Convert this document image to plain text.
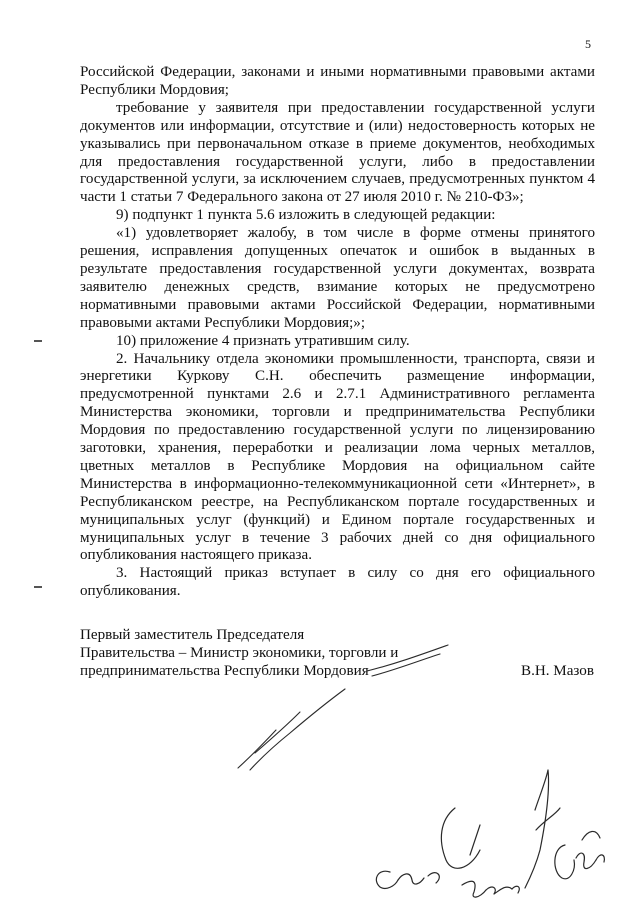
5

Российской Федерации, законами и иными нормативными правовыми актами Республики Мордовия;

требование у заявителя при предоставлении государственной услуги документов или информации, отсутствие и (или) недостоверность которых не указывались при первоначальном отказе в приеме документов, необходимых для предоставления государственной услуги, либо в предоставлении государственной услуги, за исключением случаев, предусмотренных пунктом 4 части 1 статьи 7 Федерального закона от 27 июля 2010 г. № 210-ФЗ»;

9) подпункт 1 пункта 5.6 изложить в следующей редакции:

«1) удовлетворяет жалобу, в том числе в форме отмены принятого решения, исправления допущенных опечаток и ошибок в выданных в результате предоставления государственной услуги документах, возврата заявителю денежных средств, взимание которых не предусмотрено нормативными правовыми актами Российской Федерации, нормативными правовыми актами Республики Мордовия;»;

10) приложение 4 признать утратившим силу.

2. Начальнику отдела экономики промышленности, транспорта, связи и энергетики Куркову С.Н. обеспечить размещение информации, предусмотренной пунктами 2.6 и 2.7.1 Административного регламента Министерства экономики, торговли и предпринимательства Республики Мордовия по предоставлению государственной услуги по лицензированию заготовки, хранения, переработки и реализации лома черных металлов, цветных металлов в Республике Мордовия на официальном сайте Министерства в информационно-телекоммуникационной сети «Интернет», в Республиканском реестре, на Республиканском портале государственных и муниципальных услуг (функций) и Едином портале государственных и муниципальных услуг в течение 3 рабочих дней со дня официального опубликования настоящего приказа.

3. Настоящий приказ вступает в силу со дня его официального опубликования.

Первый заместитель Председателя
Правительства – Министр экономики, торговли и
предпринимательства Республики Мордовия	В.Н. Мазов
